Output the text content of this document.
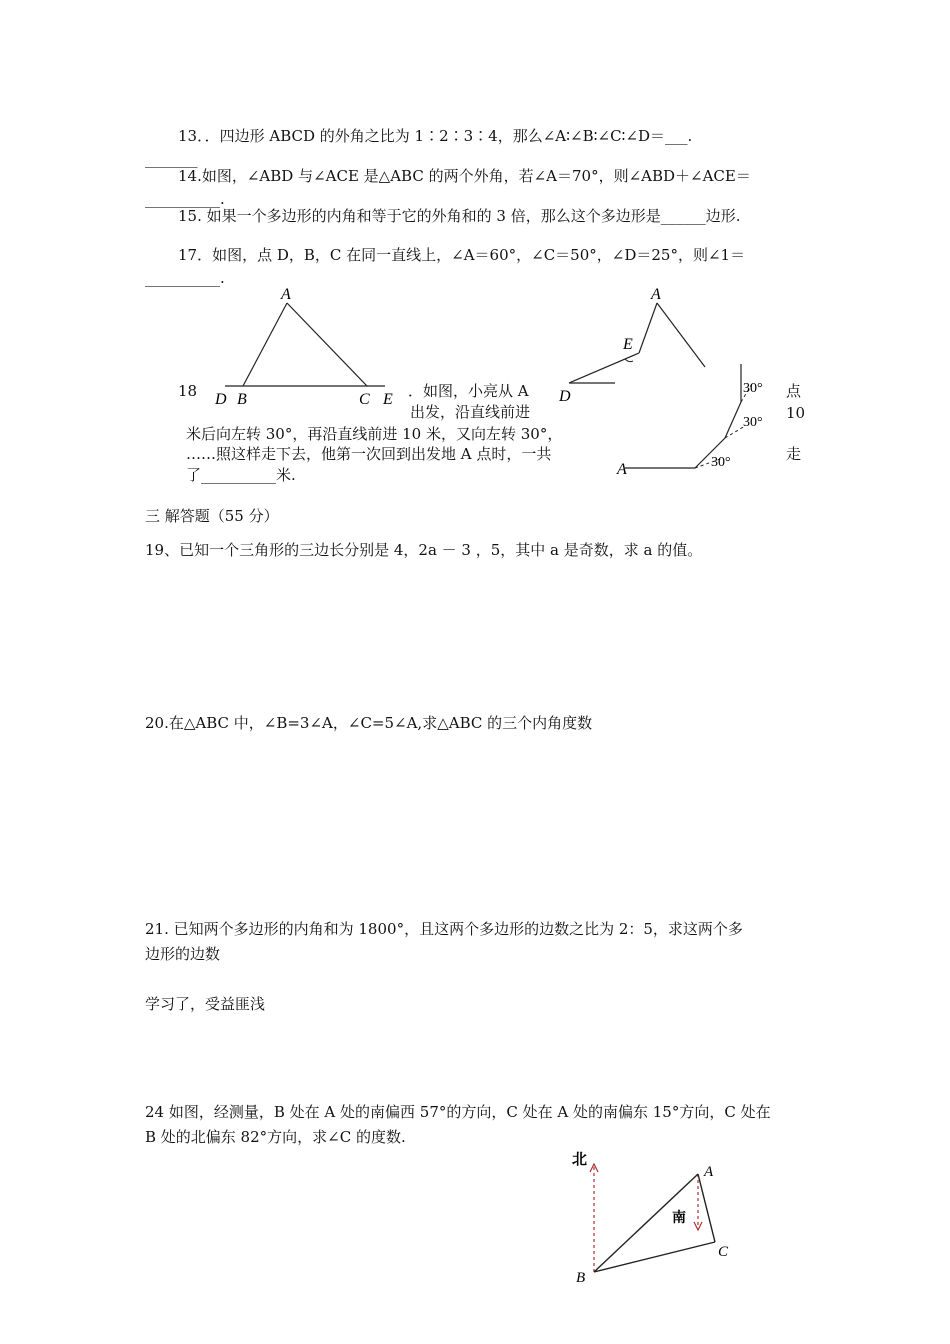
13．．四边形 ABCD 的外角之比为 1∶2∶3∶4，那么∠A∶∠B∶∠C∶∠D＝___.
_______
14.如图，∠ABD 与∠ACE 是△ABC 的两个外角，若∠A＝70°，则∠ABD＋∠ACE＝
__________.
15. 如果一个多边形的内角和等于它的外角和的 3 倍，那么这个多边形是______边形.
17．如图，点 D，B，C 在同一直线上，∠A＝60°，∠C＝50°，∠D＝25°，则∠1＝
__________.
A
18 D B	C E ．如图，小亮从 A
出发，沿直线前进
点
10
米后向左转 30°，再沿直线前进 10 米，又向左转 30°，
……照这样走下去，他第一次回到出发地 A 点时，一共	走
了__________米.
A
E
D
A	30°
30°
30°
三 解答题（55 分）
19、已知一个三角形的三边长分别是 4，2a － 3 ，5，其中 a 是奇数，求 a 的值。
20.在△ABC 中，∠B=3∠A，∠C=5∠A,求△ABC 的三个内角度数
21. 已知两个多边形的内角和为 1800°，且这两个多边形的边数之比为 2：5，求这两个多
边形的边数
学习了，受益匪浅
24 如图，经测量，B 处在 A 处的南偏西 57°的方向，C 处在 A 处的南偏东 15°方向，C 处在
B 处的北偏东 82°方向，求∠C 的度数.
北
南
A
B
C
